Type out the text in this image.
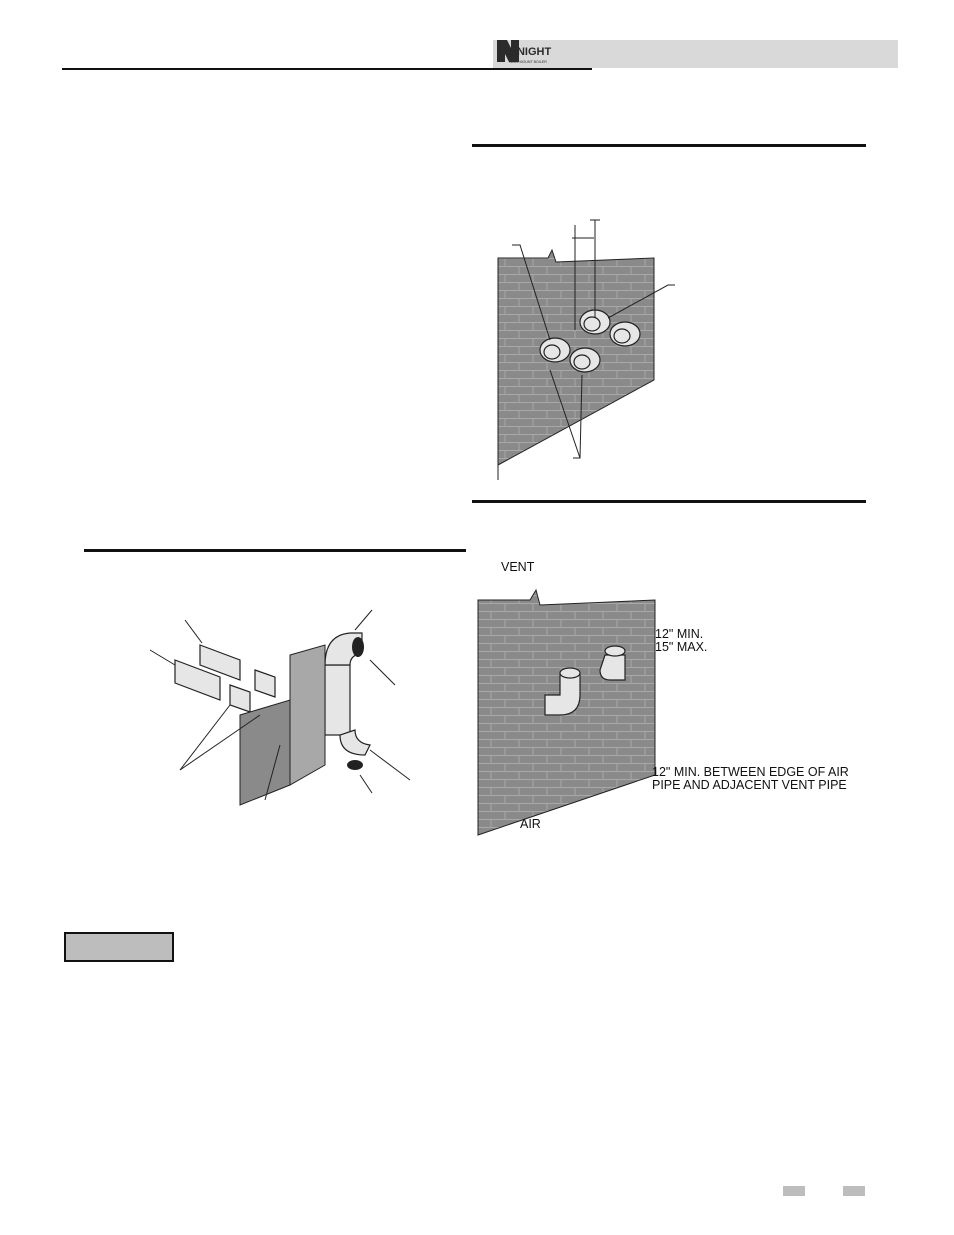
KNIGHT
WALL MOUNT BOILER
VENT
12" MIN.
15" MAX.
12" MIN. BETWEEN EDGE OF AIR
PIPE AND ADJACENT VENT PIPE
AIR
